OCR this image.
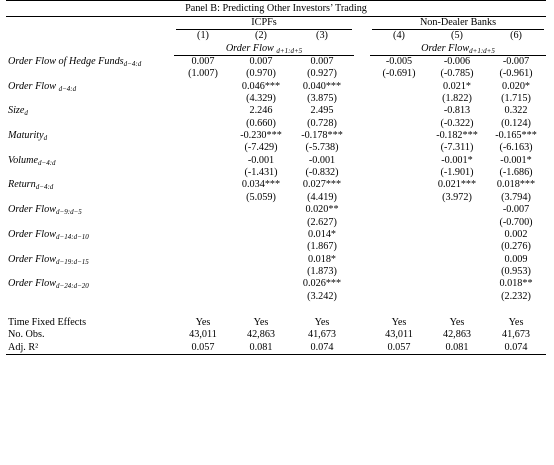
Panel B: Predicting Other Investors’ Trading							
	ICPFs				Non-Dealer Banks		
	(1)	(2)	(3)		(4)	(5)	(6)
	Order Flow $_{d+1:d+5}$				Order Flow$_{d+1:d+5}$
Order Flow of Hedge Funds$_{d-4:d}$	0.007	0.007	0.007		-0.005	-0.006	-0.007
	(1.007)	(0.970)	(0.927)		(-0.691)	(-0.785)	(-0.961)
Order Flow $_{d-4:d}$		0.046***	0.040***			0.021*	0.020*
		(4.329)	(3.875)			(1.822)	(1.715)
Size$_d$		2.246	2.495			-0.813	0.322
		(0.660)	(0.728)			(-0.322)	(0.124)
Maturity$_d$		-0.230***	-0.178***			-0.182***	-0.165***
		(-7.429)	(-5.738)			(-7.311)	(-6.163)
Volume$_{d-4:d}$		-0.001	-0.001			-0.001*	-0.001*
		(-1.431)	(-0.832)			(-1.901)	(-1.686)
Return$_{d-4:d}$		0.034***	0.027***			0.021***	0.018***
		(5.059)	(4.419)			(3.972)	(3.794)
Order Flow$_{d-9:d-5}$			0.020**				-0.007
			(2.627)				(-0.700)
Order Flow$_{d-14:d-10}$			0.014*				0.002
			(1.867)				(0.276)
Order Flow$_{d-19:d-15}$			0.018*				0.009
			(1.873)				(0.953)
Order Flow$_{d-24:d-20}$			0.026***				0.018**
			(3.242)				(2.232)

Time Fixed Effects	Yes	Yes	Yes		Yes	Yes	Yes
No. Obs.	43,011	42,863	41,673		43,011	42,863	41,673
Adj. R²	0.057	0.081	0.074		0.057	0.081	0.074
